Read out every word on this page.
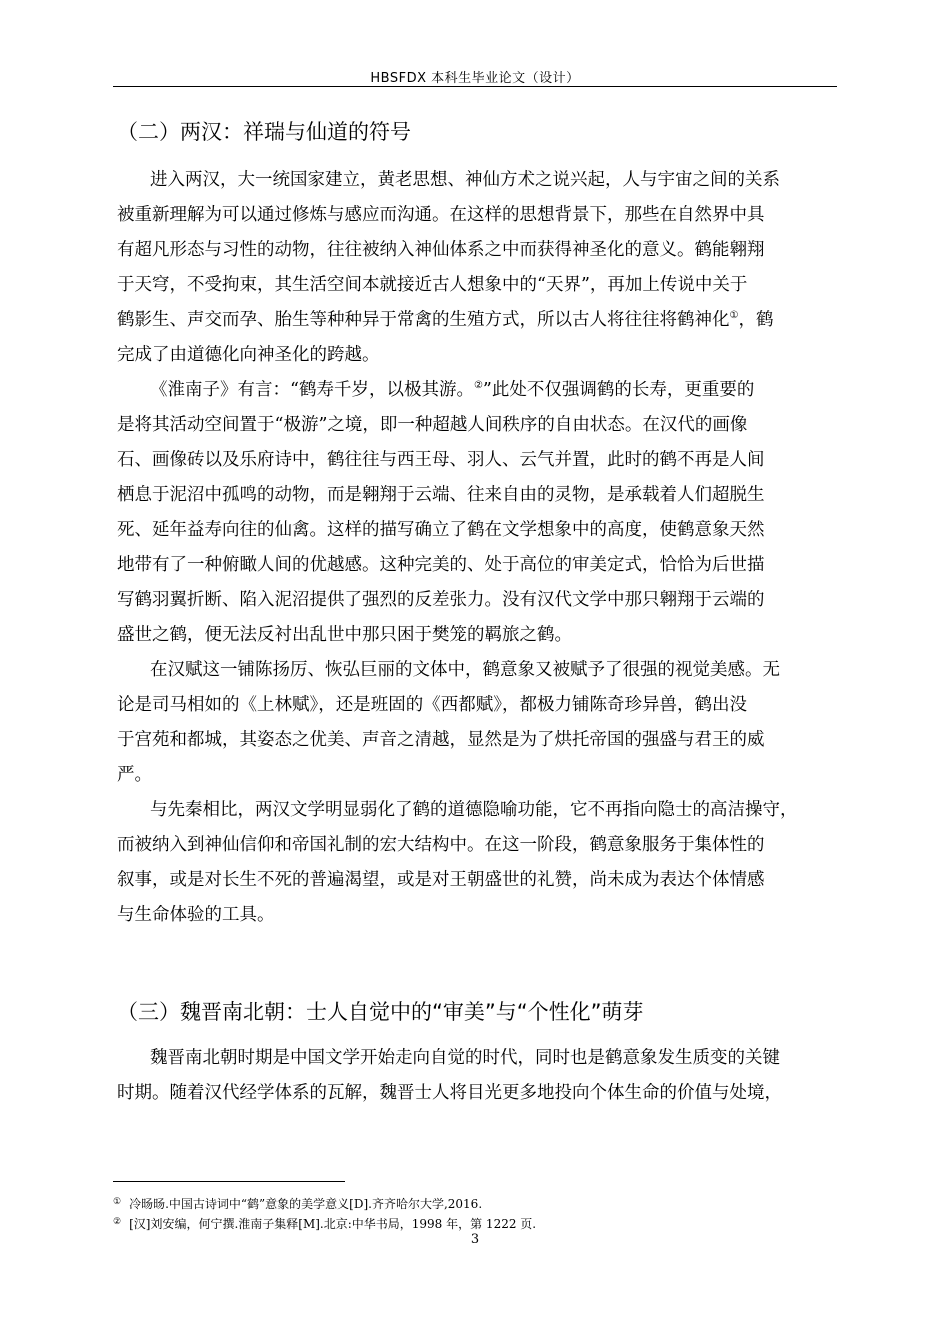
HBSFDX 本科生毕业论文（设计）
（二）两汉：祥瑞与仙道的符号
进入两汉，大一统国家建立，黄老思想、神仙方术之说兴起，人与宇宙之间的关系
被重新理解为可以通过修炼与感应而沟通。在这样的思想背景下，那些在自然界中具
有超凡形态与习性的动物，往往被纳入神仙体系之中而获得神圣化的意义。鹤能翱翔
于天穹，不受拘束，其生活空间本就接近古人想象中的“天界”，再加上传说中关于
鹤影生、声交而孕、胎生等种种异于常禽的生殖方式，所以古人将往往将鹤神化①，鹤
完成了由道德化向神圣化的跨越。
《淮南子》有言：“鹤寿千岁，以极其游。②”此处不仅强调鹤的长寿，更重要的
是将其活动空间置于“极游”之境，即一种超越人间秩序的自由状态。在汉代的画像
石、画像砖以及乐府诗中，鹤往往与西王母、羽人、云气并置，此时的鹤不再是人间
栖息于泥沼中孤鸣的动物，而是翱翔于云端、往来自由的灵物，是承载着人们超脱生
死、延年益寿向往的仙禽。这样的描写确立了鹤在文学想象中的高度，使鹤意象天然
地带有了一种俯瞰人间的优越感。这种完美的、处于高位的审美定式，恰恰为后世描
写鹤羽翼折断、陷入泥沼提供了强烈的反差张力。没有汉代文学中那只翱翔于云端的
盛世之鹤，便无法反衬出乱世中那只困于樊笼的羁旅之鹤。
在汉赋这一铺陈扬厉、恢弘巨丽的文体中，鹤意象又被赋予了很强的视觉美感。无
论是司马相如的《上林赋》，还是班固的《西都赋》，都极力铺陈奇珍异兽，鹤出没
于宫苑和都城，其姿态之优美、声音之清越，显然是为了烘托帝国的强盛与君王的威
严。
与先秦相比，两汉文学明显弱化了鹤的道德隐喻功能，它不再指向隐士的高洁操守，
而被纳入到神仙信仰和帝国礼制的宏大结构中。在这一阶段，鹤意象服务于集体性的
叙事，或是对长生不死的普遍渴望，或是对王朝盛世的礼赞，尚未成为表达个体情感
与生命体验的工具。
（三）魏晋南北朝：士人自觉中的“审美”与“个性化”萌芽
魏晋南北朝时期是中国文学开始走向自觉的时代，同时也是鹤意象发生质变的关键
时期。随着汉代经学体系的瓦解，魏晋士人将目光更多地投向个体生命的价值与处境，
① 冷旸旸.中国古诗词中“鹤”意象的美学意义[D].齐齐哈尔大学,2016.
② [汉]刘安编，何宁撰.淮南子集释[M].北京:中华书局，1998 年，第 1222 页.
3
